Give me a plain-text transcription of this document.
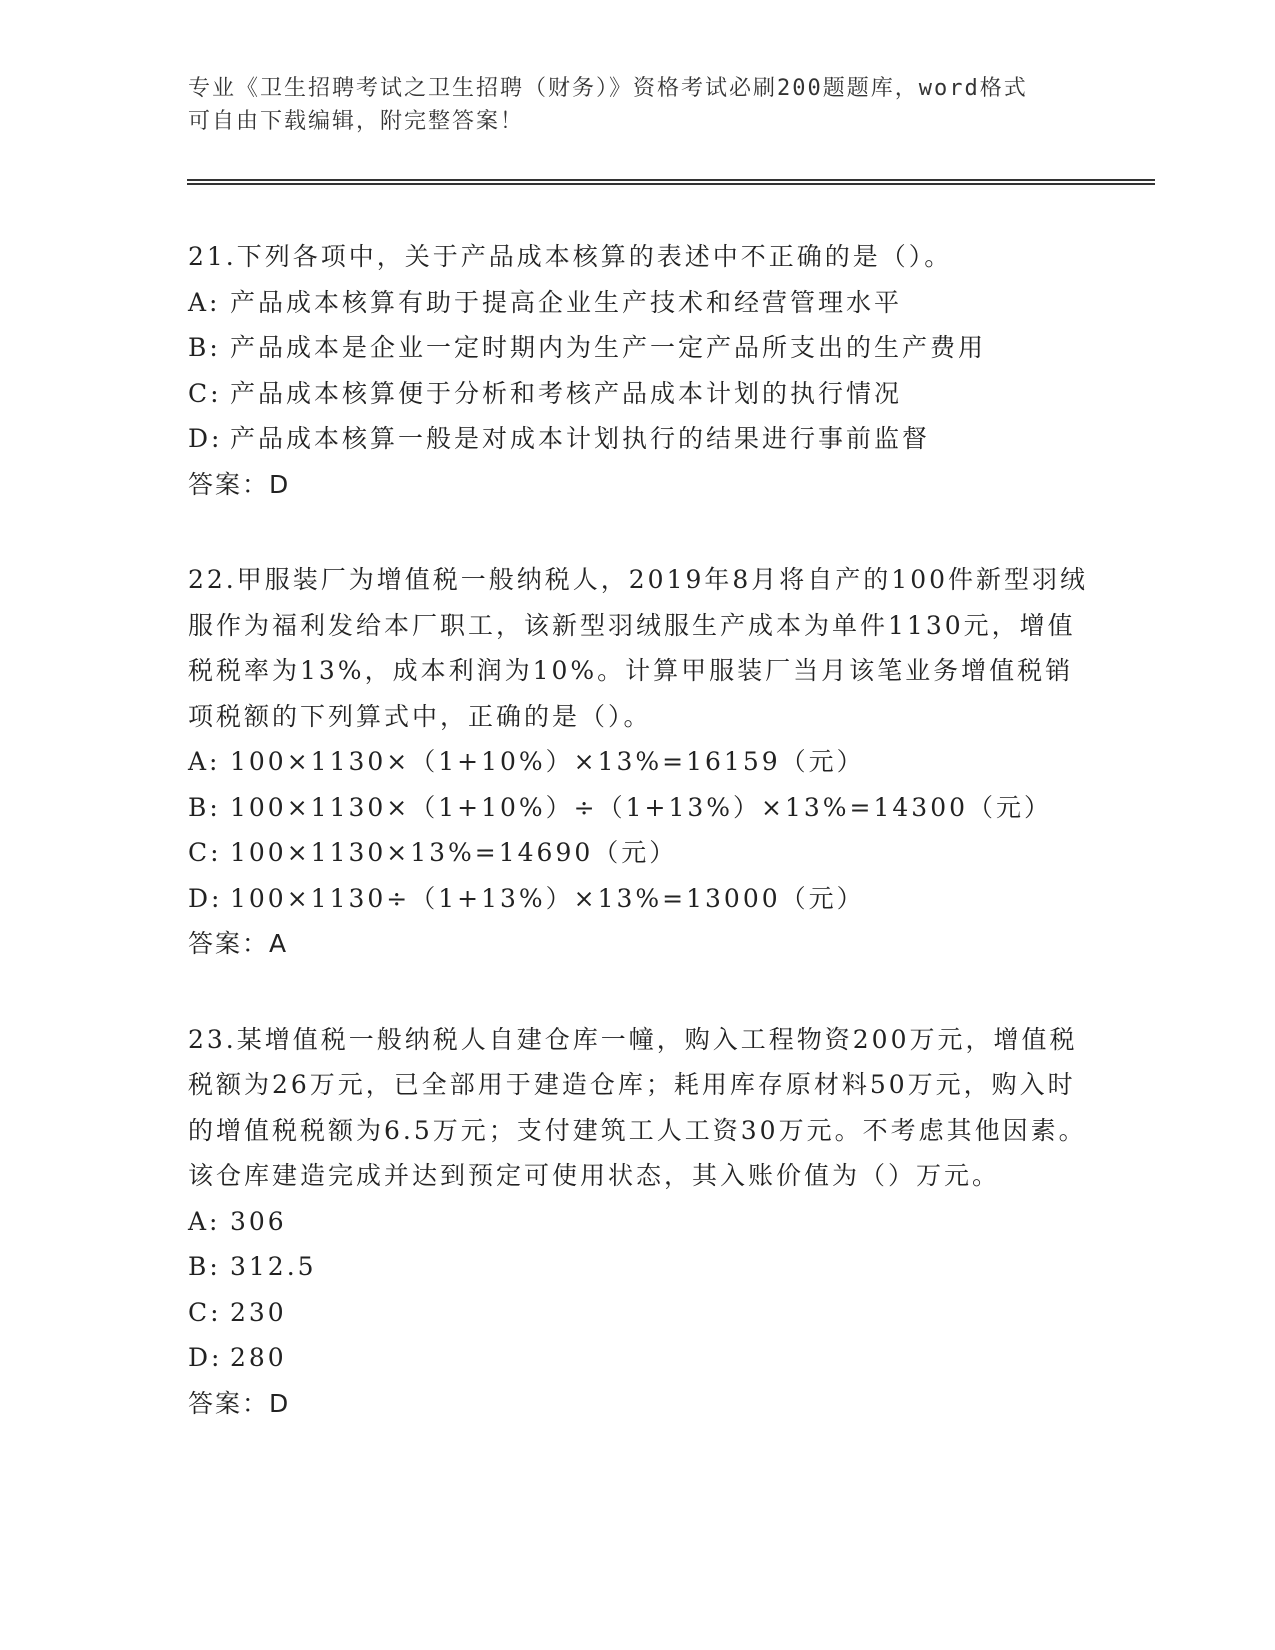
专业《卫生招聘考试之卫生招聘（财务）》资格考试必刷200题题库，word格式
可自由下载编辑，附完整答案！
21.下列各项中，关于产品成本核算的表述中不正确的是（）。
A: 产品成本核算有助于提高企业生产技术和经营管理水平
B: 产品成本是企业一定时期内为生产一定产品所支出的生产费用
C: 产品成本核算便于分析和考核产品成本计划的执行情况
D: 产品成本核算一般是对成本计划执行的结果进行事前监督
答案：D
22.甲服装厂为增值税一般纳税人，2019年8月将自产的100件新型羽绒服作为福利发给本厂职工，该新型羽绒服生产成本为单件1130元，增值税税率为13%，成本利润为10%。计算甲服装厂当月该笔业务增值税销项税额的下列算式中，正确的是（）。
A: 100×1130×（1+10%）×13%=16159（元）
B: 100×1130×（1+10%）÷（1+13%）×13%=14300（元）
C: 100×1130×13%=14690（元）
D: 100×1130÷（1+13%）×13%=13000（元）
答案：A
23.某增值税一般纳税人自建仓库一幢，购入工程物资200万元，增值税税额为26万元，已全部用于建造仓库；耗用库存原材料50万元，购入时的增值税税额为6.5万元；支付建筑工人工资30万元。不考虑其他因素。该仓库建造完成并达到预定可使用状态，其入账价值为（）万元。
A: 306
B: 312.5
C: 230
D: 280
答案：D
